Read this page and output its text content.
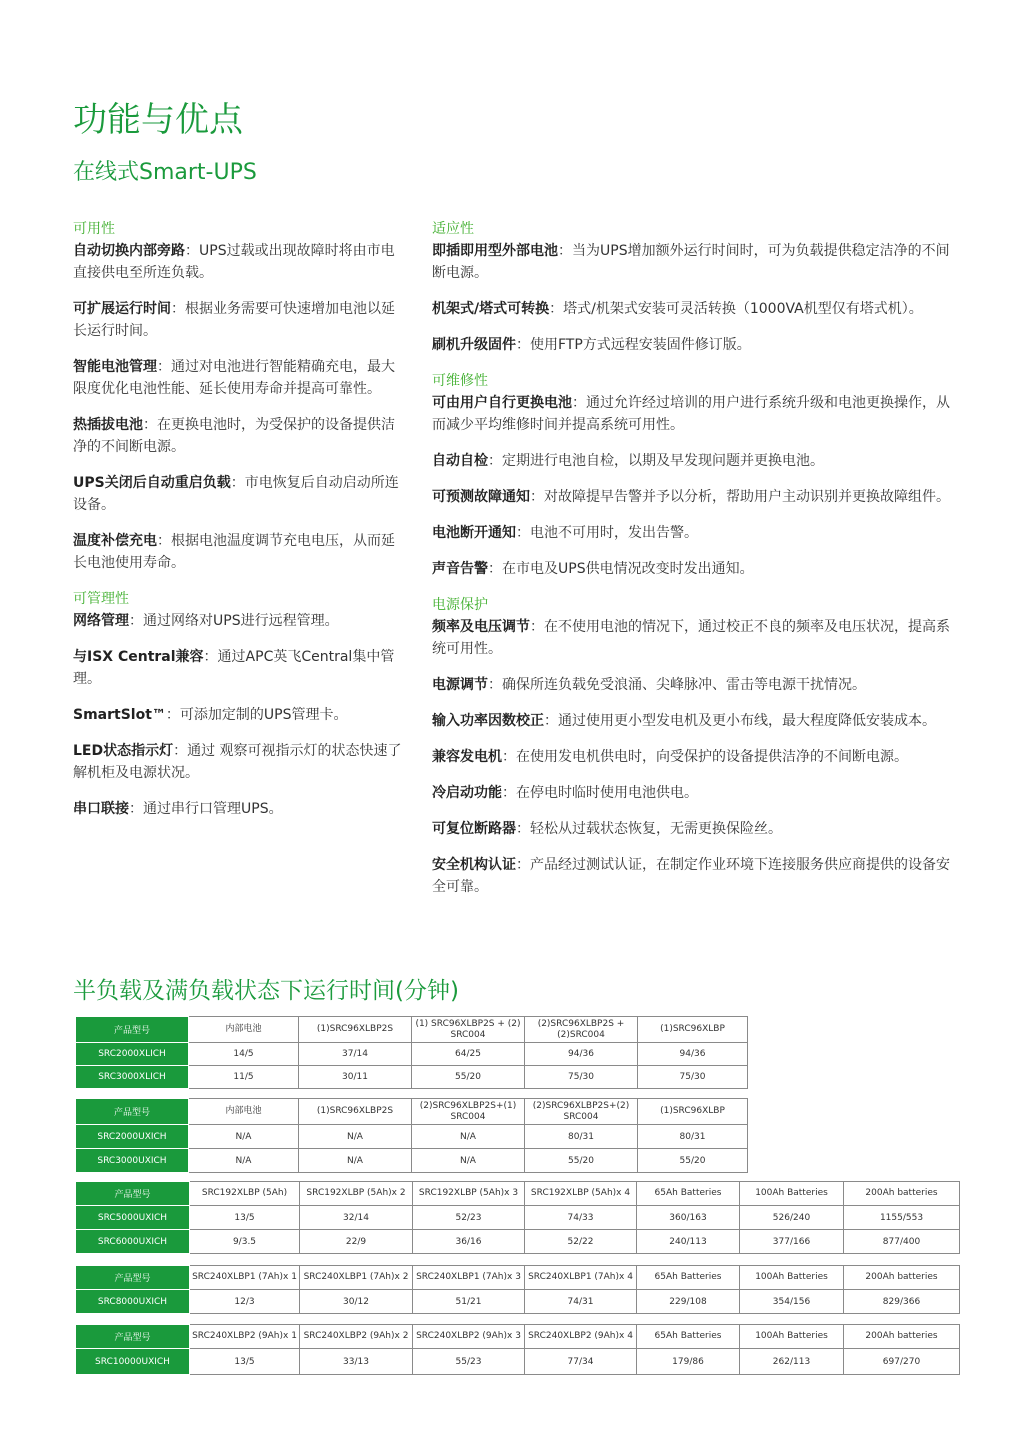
功能与优点
在线式Smart-UPS
可用性
自动切换内部旁路：UPS过载或出现故障时将由市电直接供电至所连负载。
可扩展运行时间：根据业务需要可快速增加电池以延长运行时间。
智能电池管理：通过对电池进行智能精确充电，最大限度优化电池性能、延长使用寿命并提高可靠性。
热插拔电池：在更换电池时，为受保护的设备提供洁净的不间断电源。
UPS关闭后自动重启负载：市电恢复后自动启动所连设备。
温度补偿充电：根据电池温度调节充电电压，从而延长电池使用寿命。
可管理性
网络管理：通过网络对UPS进行远程管理。
与ISX Central兼容：通过APC英飞Central集中管理。
SmartSlot™：可添加定制的UPS管理卡。
LED状态指示灯：通过 观察可视指示灯的状态快速了解机柜及电源状况。
串口联接：通过串行口管理UPS。
适应性
即插即用型外部电池：当为UPS增加额外运行时间时，可为负载提供稳定洁净的不间断电源。
机架式/塔式可转换：塔式/机架式安装可灵活转换（1000VA机型仅有塔式机）。
刷机升级固件：使用FTP方式远程安装固件修订版。
可维修性
可由用户自行更换电池：通过允许经过培训的用户进行系统升级和电池更换操作，从而减少平均维修时间并提高系统可用性。
自动自检：定期进行电池自检，以期及早发现问题并更换电池。
可预测故障通知：对故障提早告警并予以分析，帮助用户主动识别并更换故障组件。
电池断开通知：电池不可用时，发出告警。
声音告警：在市电及UPS供电情况改变时发出通知。
电源保护
频率及电压调节：在不使用电池的情况下，通过校正不良的频率及电压状况，提高系统可用性。
电源调节：确保所连负载免受浪涌、尖峰脉冲、雷击等电源干扰情况。
输入功率因数校正：通过使用更小型发电机及更小布线，最大程度降低安装成本。
兼容发电机：在使用发电机供电时，向受保护的设备提供洁净的不间断电源。
冷启动功能：在停电时临时使用电池供电。
可复位断路器：轻松从过载状态恢复，无需更换保险丝。
安全机构认证：产品经过测试认证，在制定作业环境下连接服务供应商提供的设备安全可靠。
半负载及满负载状态下运行时间(分钟)
产品型号	内部电池	(1)SRC96XLBP2S	(1) SRC96XLBP2S + (2) SRC004	(2)SRC96XLBP2S +(2)SRC004	(1)SRC96XLBP
SRC2000XLICH	14/5	37/14	64/25	94/36	94/36
SRC3000XLICH	11/5	30/11	55/20	75/30	75/30
产品型号	内部电池	(1)SRC96XLBP2S	(2)SRC96XLBP2S+(1) SRC004	(2)SRC96XLBP2S+(2) SRC004	(1)SRC96XLBP
SRC2000UXICH	N/A	N/A	N/A	80/31	80/31
SRC3000UXICH	N/A	N/A	N/A	55/20	55/20
产品型号	SRC192XLBP (5Ah)	SRC192XLBP (5Ah)x 2	SRC192XLBP (5Ah)x 3	SRC192XLBP (5Ah)x 4	65Ah Batteries	100Ah Batteries	200Ah batteries
SRC5000UXICH	13/5	32/14	52/23	74/33	360/163	526/240	1155/553
SRC6000UXICH	9/3.5	22/9	36/16	52/22	240/113	377/166	877/400
产品型号	SRC240XLBP1 (7Ah)x 1	SRC240XLBP1 (7Ah)x 2	SRC240XLBP1 (7Ah)x 3	SRC240XLBP1 (7Ah)x 4	65Ah Batteries	100Ah Batteries	200Ah batteries
SRC8000UXICH	12/3	30/12	51/21	74/31	229/108	354/156	829/366
产品型号	SRC240XLBP2 (9Ah)x 1	SRC240XLBP2 (9Ah)x 2	SRC240XLBP2 (9Ah)x 3	SRC240XLBP2 (9Ah)x 4	65Ah Batteries	100Ah Batteries	200Ah batteries
SRC10000UXICH	13/5	33/13	55/23	77/34	179/86	262/113	697/270
